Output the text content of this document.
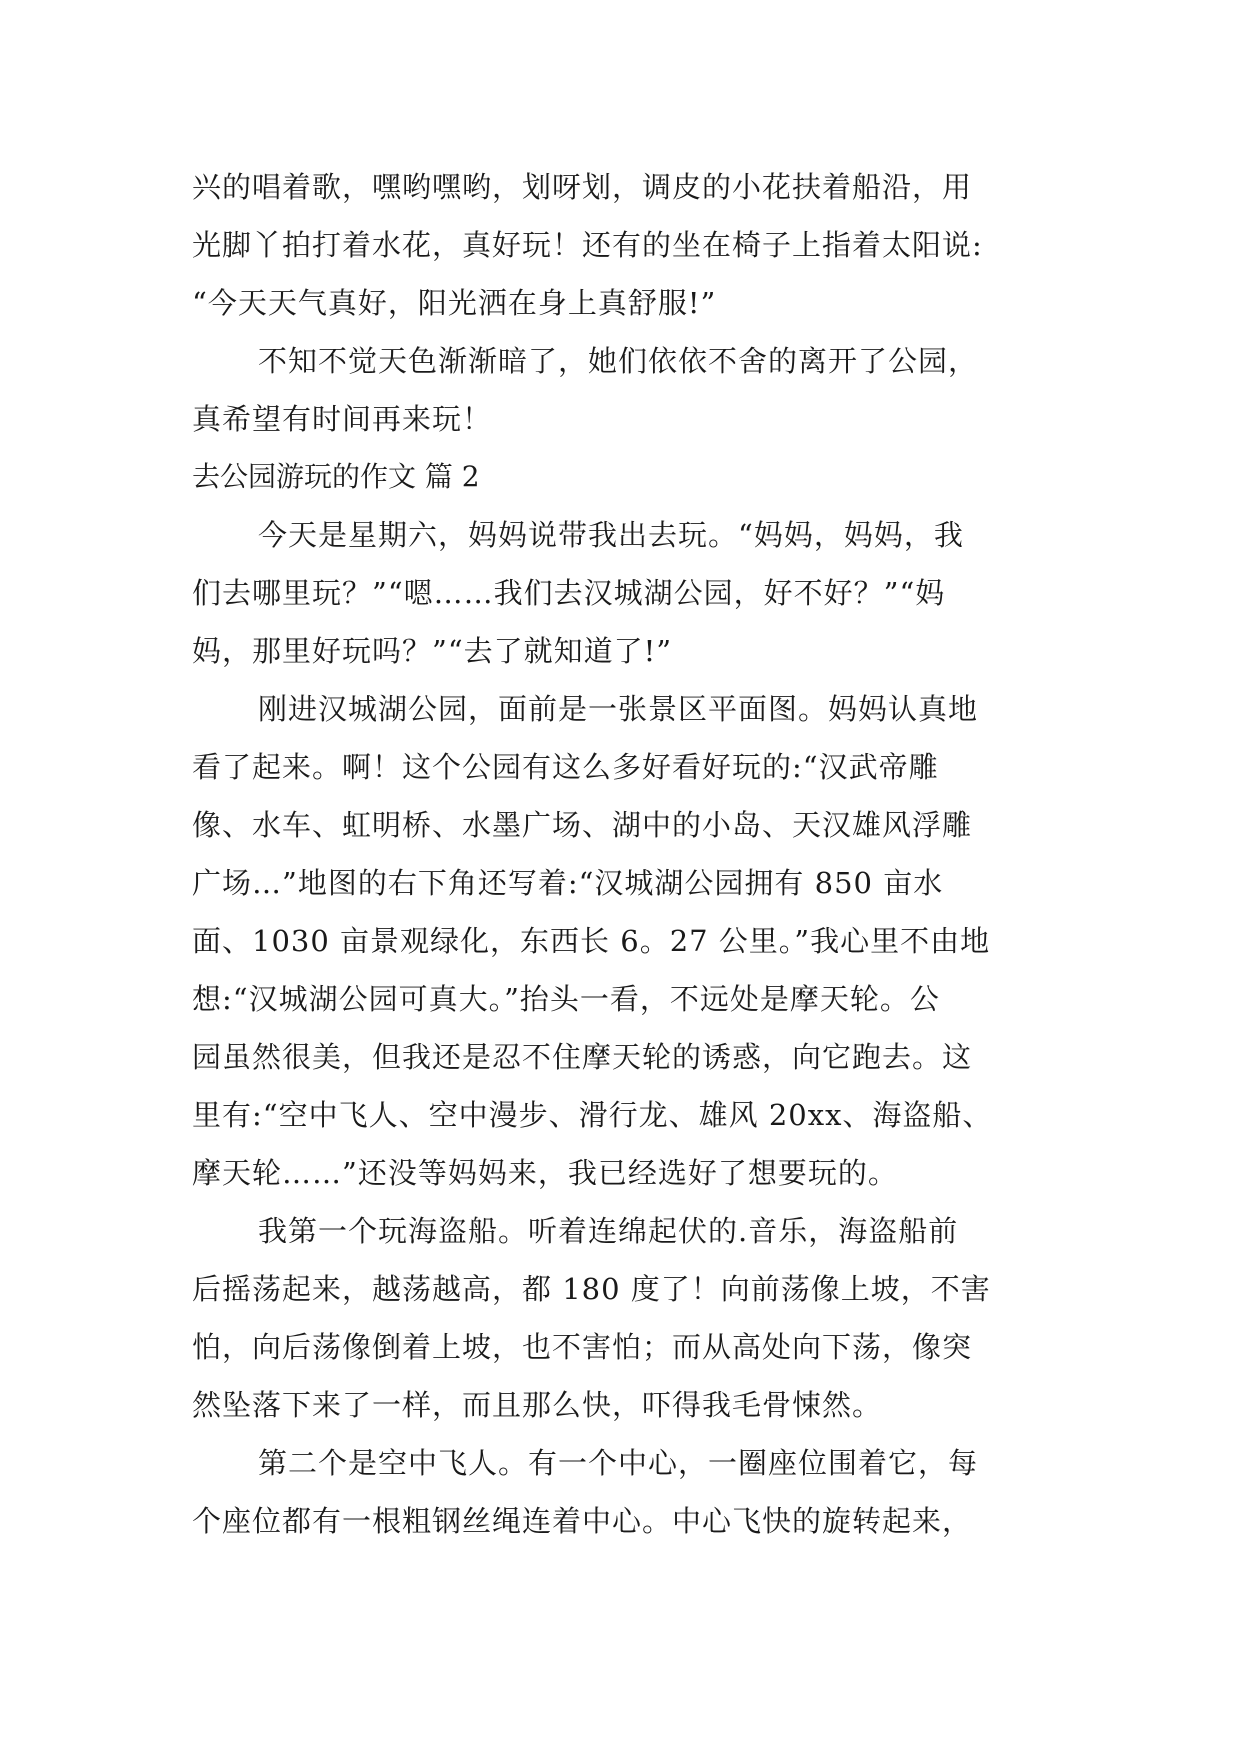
兴的唱着歌，嘿哟嘿哟，划呀划，调皮的小花扶着船沿，用
光脚丫拍打着水花，真好玩！还有的坐在椅子上指着太阳说:
“今天天气真好，阳光洒在身上真舒服!”
不知不觉天色渐渐暗了，她们依依不舍的离开了公园，
真希望有时间再来玩！
去公园游玩的作文 篇 2
今天是星期六，妈妈说带我出去玩。“妈妈，妈妈，我
们去哪里玩？”“嗯……我们去汉城湖公园，好不好？”“妈
妈，那里好玩吗？”“去了就知道了!”
刚进汉城湖公园，面前是一张景区平面图。妈妈认真地
看了起来。啊！这个公园有这么多好看好玩的:“汉武帝雕
像、水车、虹明桥、水墨广场、湖中的小岛、天汉雄风浮雕
广场…”地图的右下角还写着:“汉城湖公园拥有 850 亩水
面、1030 亩景观绿化，东西长 6。27 公里。”我心里不由地
想:“汉城湖公园可真大。”抬头一看，不远处是摩天轮。公
园虽然很美，但我还是忍不住摩天轮的诱惑，向它跑去。这
里有:“空中飞人、空中漫步、滑行龙、雄风 20xx、海盗船、
摩天轮……”还没等妈妈来，我已经选好了想要玩的。
我第一个玩海盗船。听着连绵起伏的.音乐，海盗船前
后摇荡起来，越荡越高，都 180 度了！向前荡像上坡，不害
怕，向后荡像倒着上坡，也不害怕；而从高处向下荡，像突
然坠落下来了一样，而且那么快，吓得我毛骨悚然。
第二个是空中飞人。有一个中心，一圈座位围着它，每
个座位都有一根粗钢丝绳连着中心。中心飞快的旋转起来，
